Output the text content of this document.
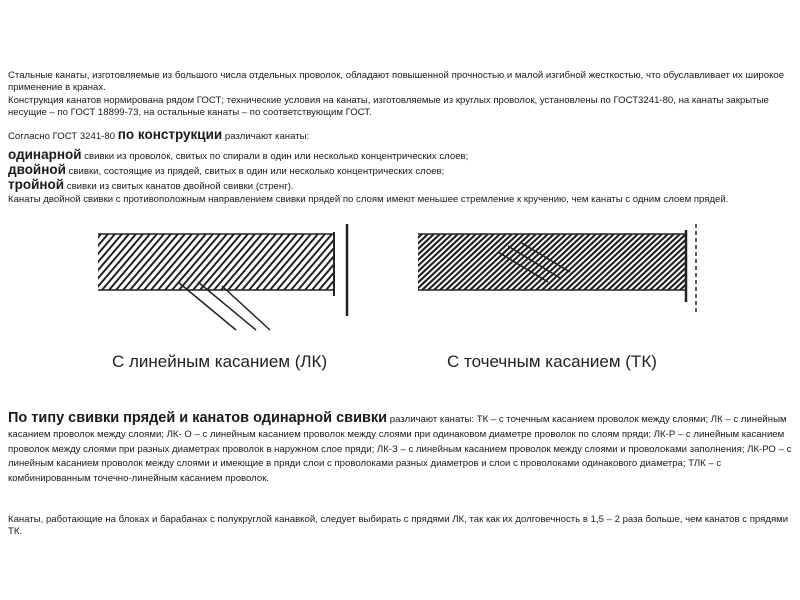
Стальные канаты, изготовляемые из большого числа отдельных проволок, обладают повышенной прочностью и малой изгибной жесткостью, что обуславливает их широкое применение в кранах.

Конструкция канатов нормирована рядом ГОСТ; технические условия на канаты, изготовляемые из круглых проволок, установлены по ГОСТ3241-80, на канаты закрытые несущие – по ГОСТ 18899-73, на остальные канаты – по соответствующим ГОСТ.

Согласно ГОСТ 3241-80 по конструкции различают канаты:

одинарной свивки из проволок, свитых по спирали в один или несколько концентрических слоев;

двойной свивки, состоящие из прядей, свитых в один или несколько концентрических слоев;

тройной свивки из свитых канатов двойной свивки (стренг).

Канаты двойной свивки с противоположным направлением свивки прядей по слоям имеют меньшее стремление к кручению, чем канаты с одним слоем прядей.

С линейным касанием (ЛК)	С точечным касанием (ТК)

По типу свивки прядей и канатов одинарной свивки различают канаты: ТК – с точечным касанием проволок между слоями; ЛК – с линейным касанием проволок между слоями; ЛК- О – с линейным касанием проволок между слоями при одинаковом диаметре проволок по слоям пряди; ЛК-Р – с линейным касанием проволок между слоями при разных диаметрах проволок в наружном слое пряди; ЛК-З – с линейным касанием проволок между слоями и проволоками заполнения; ЛК-РО – с линейным касанием проволок между слоями и имеющие в пряди слои с проволоками разных диаметров и слои с проволоками одинакового диаметра; ТЛК – с комбинированным точечно-линейным касанием проволок.

Канаты, работающие на блоках и барабанах с полукруглой канавкой, следует выбирать с прядями ЛК, так как их долговечность в 1,5 – 2 раза больше, чем канатов с прядями ТК.
